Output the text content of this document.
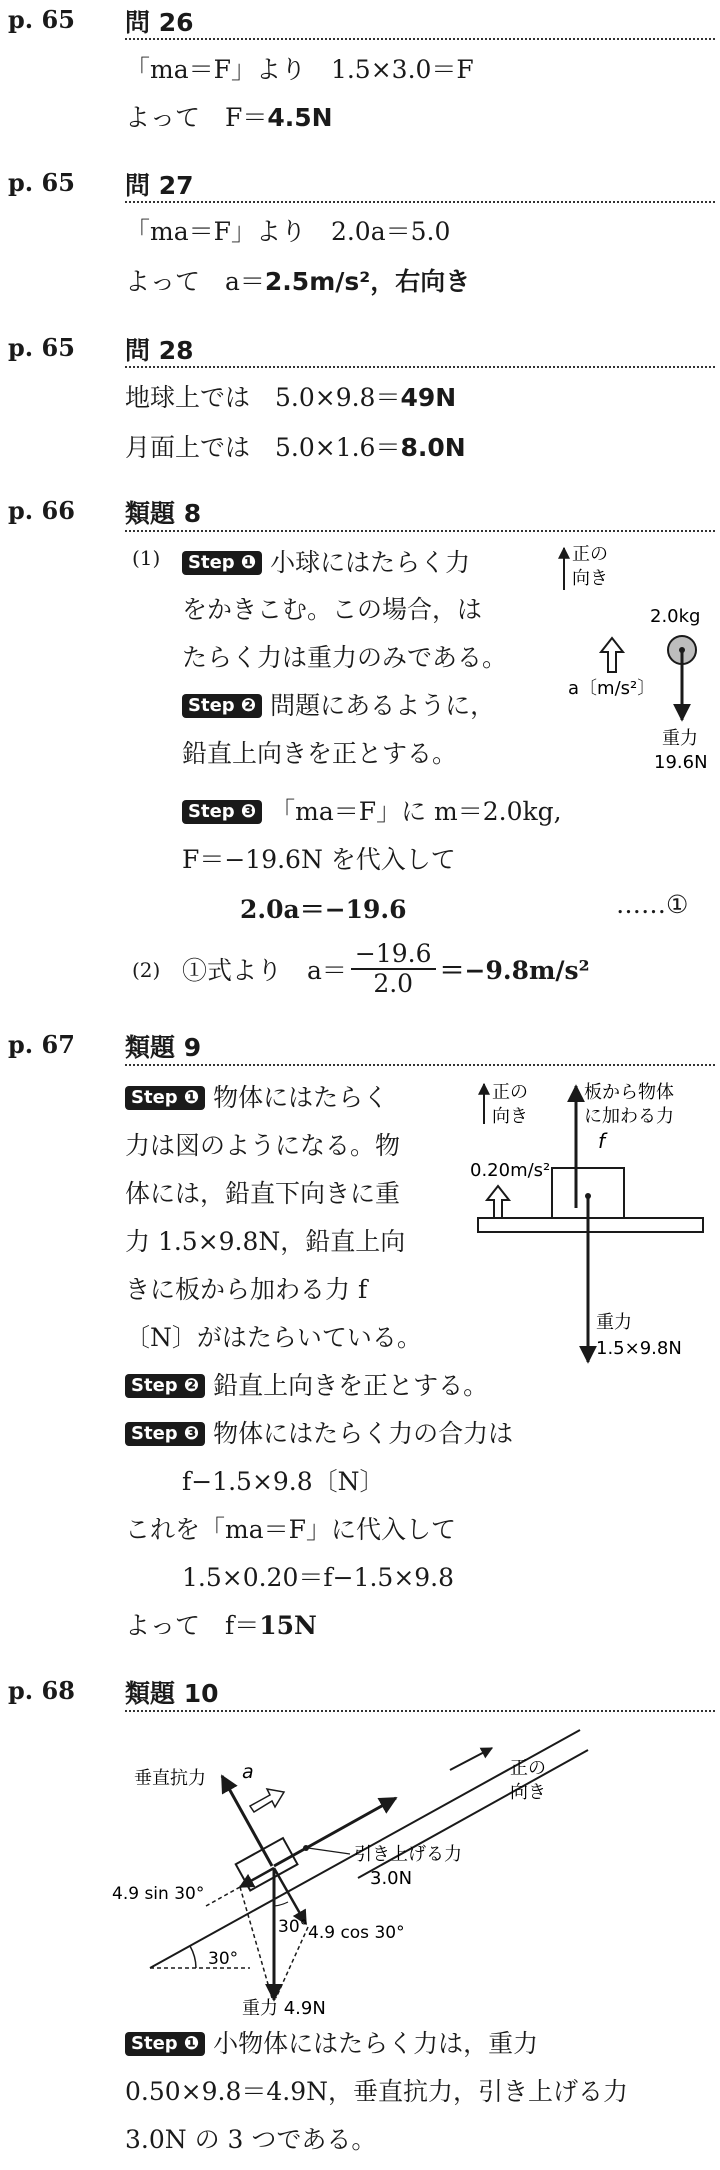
p. 65 問 26
「ma＝F」より　1.5×3.0＝F
よって　F＝4.5N
p. 65 問 27
「ma＝F」より　2.0a＝5.0
よって　a＝2.5m/s²，右向き
p. 65 問 28
地球上では　5.0×9.8＝49N
月面上では　5.0×1.6＝8.0N
p. 66 類題 8
(1)	Step ❶ 小球にはたらく力
をかきこむ。この場合，は
たらく力は重力のみである。
Step ❷ 問題にあるように，
鉛直上向きを正とする。
Step ❸ 「ma＝F」に m＝2.0kg,
F＝−19.6N を代入して
2.0a＝−19.6	……①
正の
向き
2.0kg
a〔m/s²〕
重力
19.6N
(2) ①式より　$a= \frac{-19.6}{2.0} =-9.8m/s^2$
p. 67 類題 9
Step ❶ 物体にはたらく
力は図のようになる。物
体には，鉛直下向きに重
力 1.5×9.8N，鉛直上向
きに板から加わる力 f
〔N〕がはたらいている。
Step ❷ 鉛直上向きを正とする。
Step ❸ 物体にはたらく力の合力は
f−1.5×9.8〔N〕
これを「ma＝F」に代入して
1.5×0.20＝f−1.5×9.8
よって　f＝15N
正の
向き
0.20m/s²
板から物体
に加わる力
f
重力
1.5×9.8N
p. 68 類題 10
30°
垂直抗力 a
引き上げる力
3.0N
正の
向き
4.9 sin 30°
4.9 cos 30°
30°
重力 4.9N
Step ❶ 小物体にはたらく力は，重力
0.50×9.8＝4.9N，垂直抗力，引き上げる力
3.0N の 3 つである。
